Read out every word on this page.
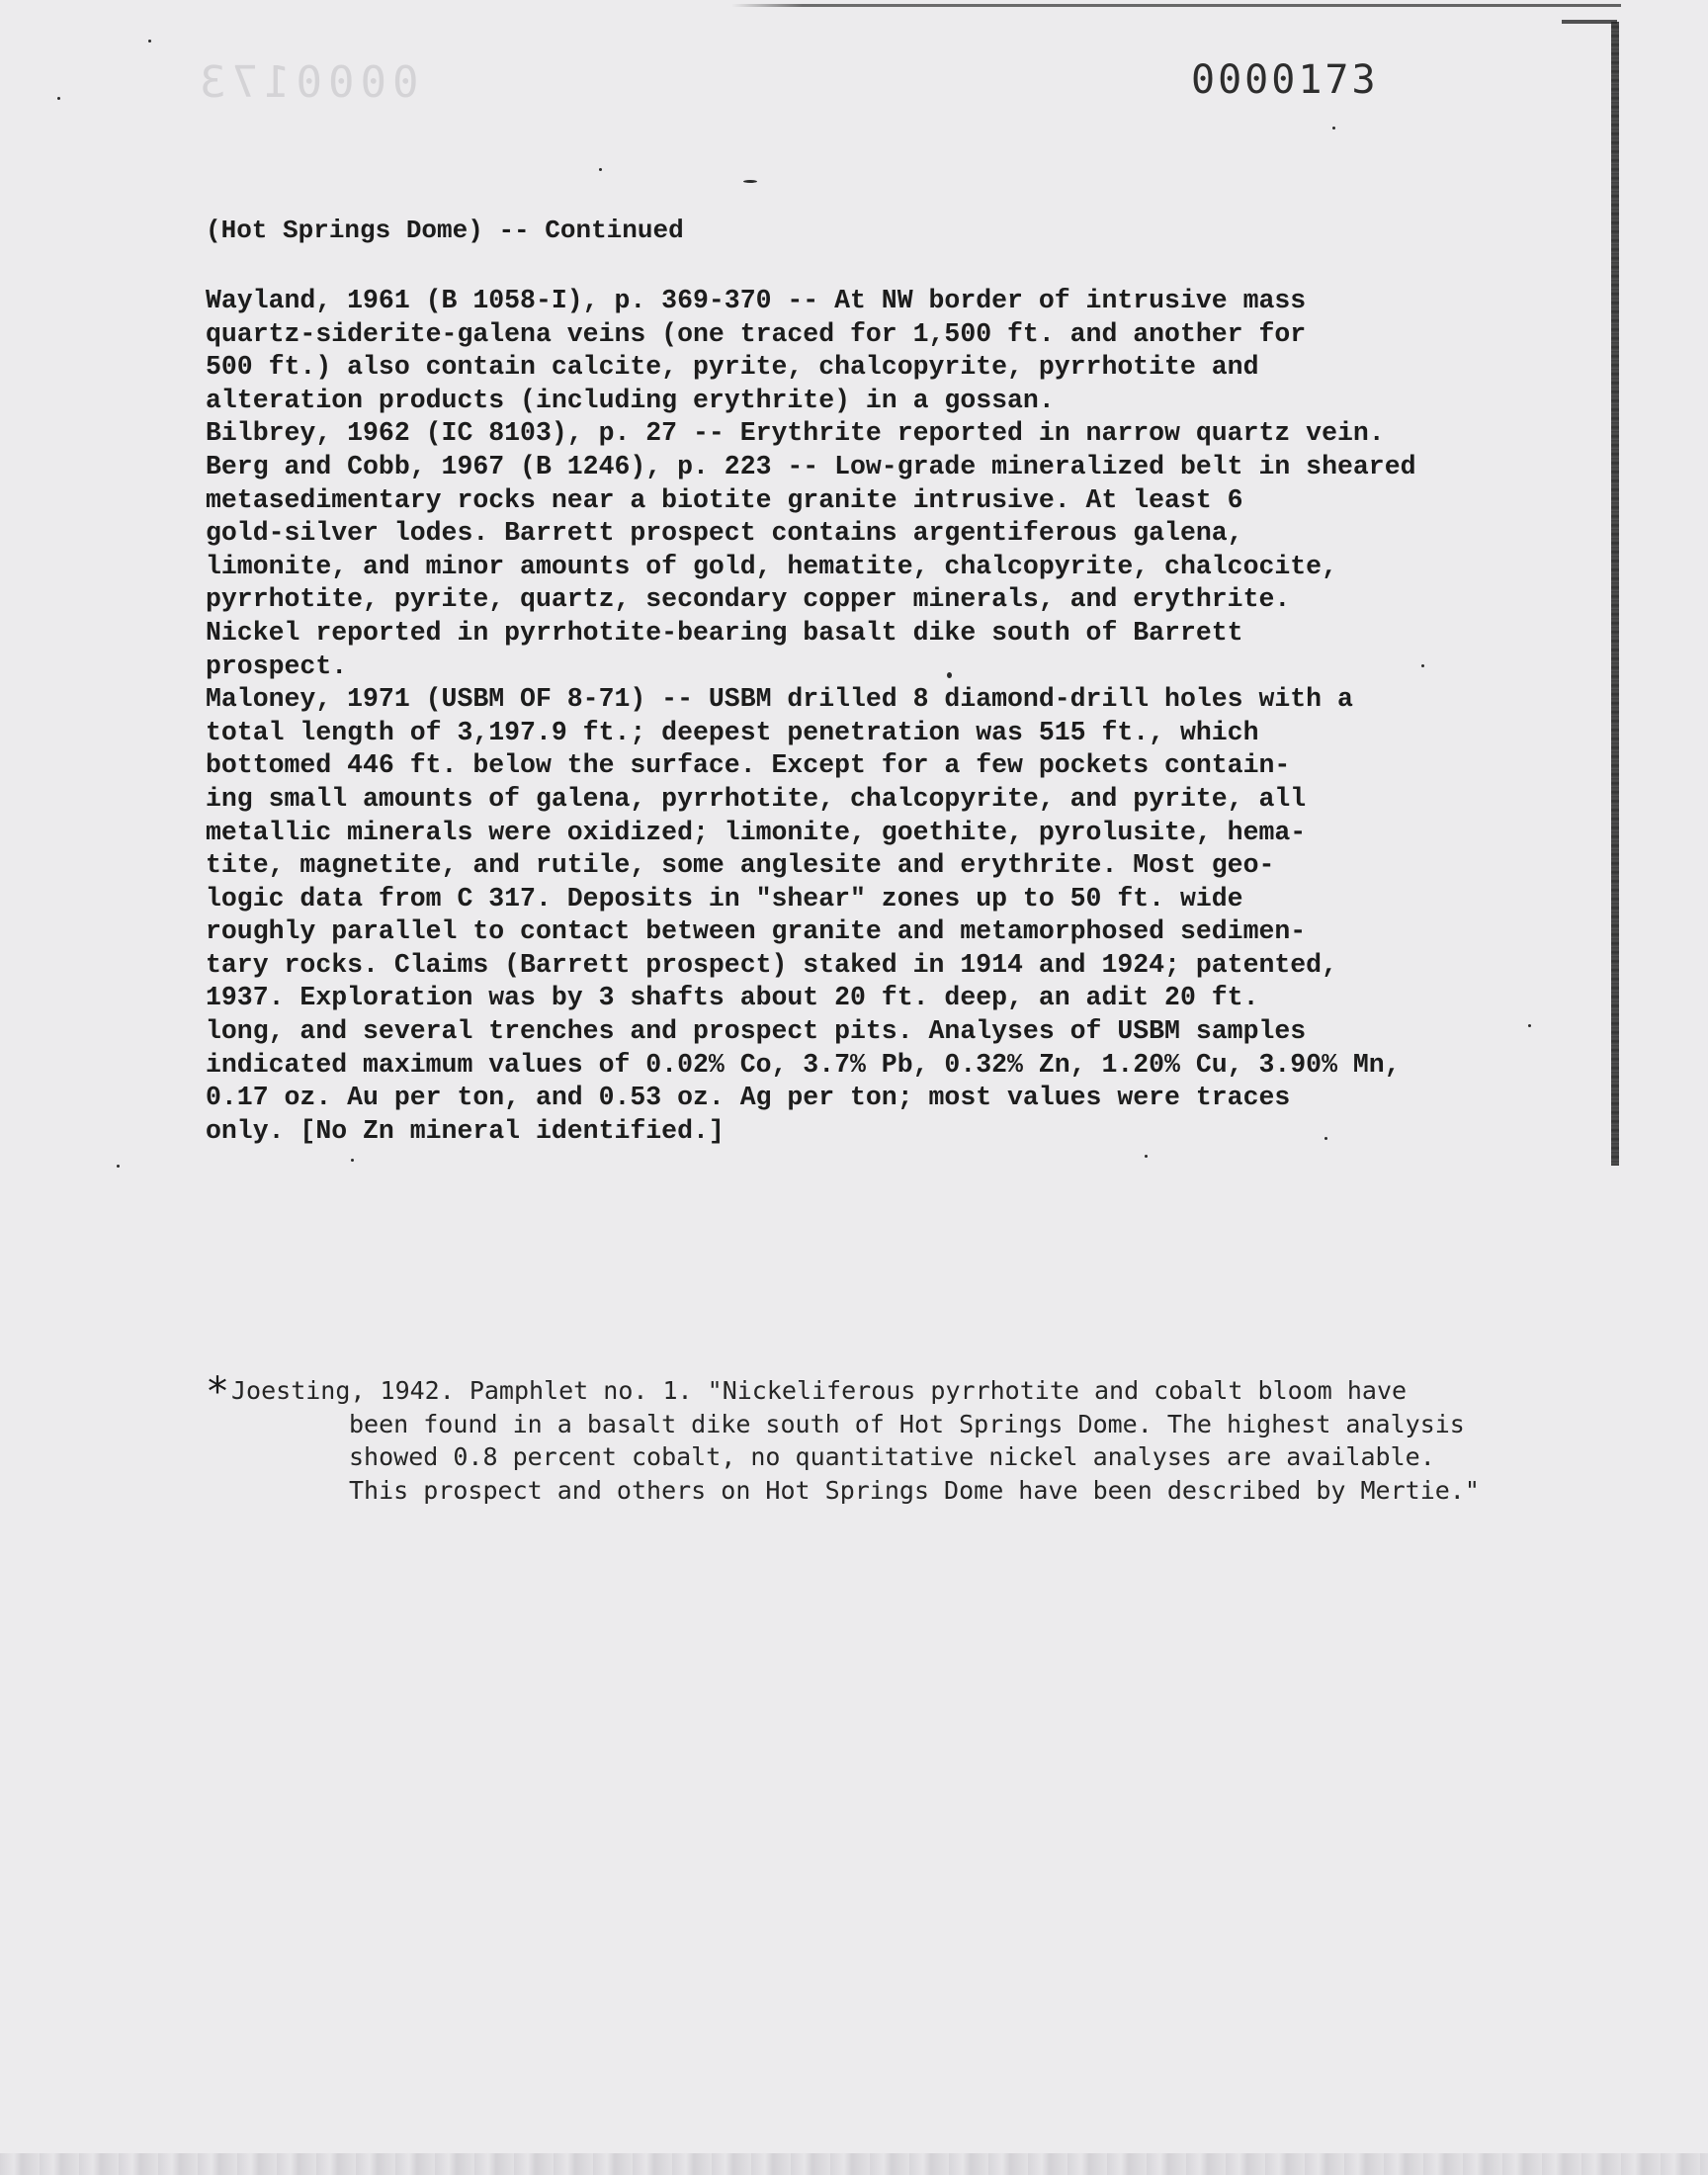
0000173	0000173
(Hot Springs Dome) -- Continued
Wayland, 1961 (B 1058-I), p. 369-370 -- At NW border of intrusive mass
quartz-siderite-galena veins (one traced for 1,500 ft. and another for
500 ft.) also contain calcite, pyrite, chalcopyrite, pyrrhotite and
alteration products (including erythrite) in a gossan.
Bilbrey, 1962 (IC 8103), p. 27 -- Erythrite reported in narrow quartz vein.
Berg and Cobb, 1967 (B 1246), p. 223 -- Low-grade mineralized belt in sheared
metasedimentary rocks near a biotite granite intrusive. At least 6
gold-silver lodes. Barrett prospect contains argentiferous galena,
limonite, and minor amounts of gold, hematite, chalcopyrite, chalcocite,
pyrrhotite, pyrite, quartz, secondary copper minerals, and erythrite.
Nickel reported in pyrrhotite-bearing basalt dike south of Barrett
prospect.
Maloney, 1971 (USBM OF 8-71) -- USBM drilled 8 diamond-drill holes with a
total length of 3,197.9 ft.; deepest penetration was 515 ft., which
bottomed 446 ft. below the surface. Except for a few pockets contain-
ing small amounts of galena, pyrrhotite, chalcopyrite, and pyrite, all
metallic minerals were oxidized; limonite, goethite, pyrolusite, hema-
tite, magnetite, and rutile, some anglesite and erythrite. Most geo-
logic data from C 317. Deposits in "shear" zones up to 50 ft. wide
roughly parallel to contact between granite and metamorphosed sedimen-
tary rocks. Claims (Barrett prospect) staked in 1914 and 1924; patented,
1937. Exploration was by 3 shafts about 20 ft. deep, an adit 20 ft.
long, and several trenches and prospect pits. Analyses of USBM samples
indicated maximum values of 0.02% Co, 3.7% Pb, 0.32% Zn, 1.20% Cu, 3.90% Mn,
0.17 oz. Au per ton, and 0.53 oz. Ag per ton; most values were traces
only. [No Zn mineral identified.]
* Joesting, 1942. Pamphlet no. 1. "Nickeliferous pyrrhotite and cobalt bloom have
been found in a basalt dike south of Hot Springs Dome. The highest analysis
showed 0.8 percent cobalt, no quantitative nickel analyses are available.
This prospect and others on Hot Springs Dome have been described by Mertie."
